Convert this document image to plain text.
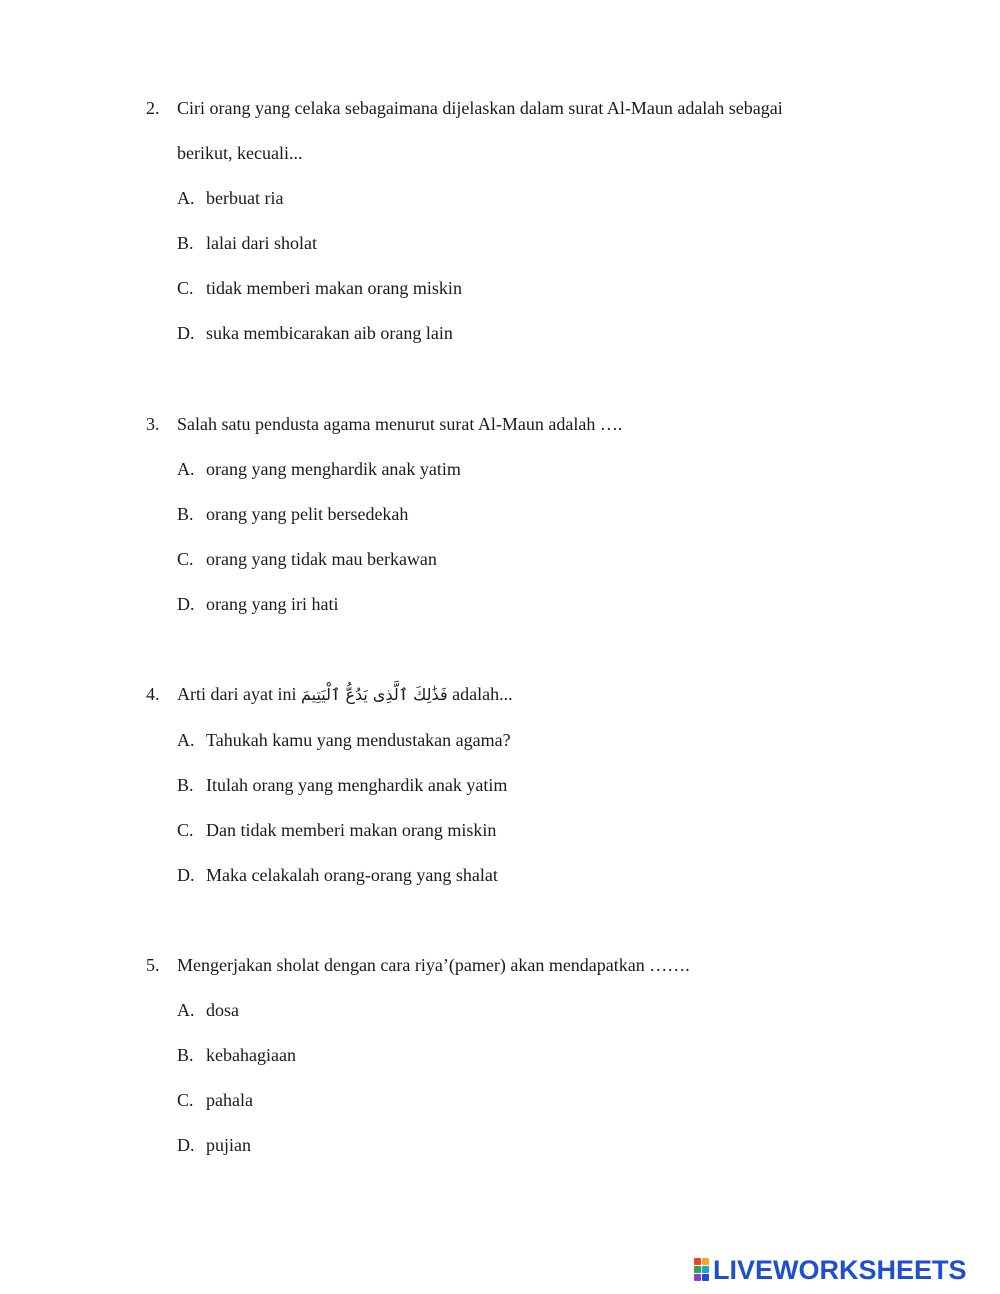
2. Ciri orang yang celaka sebagaimana dijelaskan dalam surat Al-Maun adalah sebagai
berikut, kecuali...
A. berbuat ria
B. lalai dari sholat
C. tidak memberi makan orang miskin
D. suka membicarakan aib orang lain
3. Salah satu pendusta agama menurut surat Al-Maun adalah ….
A. orang yang menghardik anak yatim
B. orang yang pelit bersedekah
C. orang yang tidak mau berkawan
D. orang yang iri hati
4. Arti dari ayat ini فَذَٰلِكَ ٱلَّذِى يَدُعُّ ٱلْيَتِيمَ adalah...
A. Tahukah kamu yang mendustakan agama?
B. Itulah orang yang menghardik anak yatim
C. Dan tidak memberi makan orang miskin
D. Maka celakalah orang-orang yang shalat
5. Mengerjakan sholat dengan cara riya’(pamer) akan mendapatkan …….
A. dosa
B. kebahagiaan
C. pahala
D. pujian
LIVEWORKSHEETS
